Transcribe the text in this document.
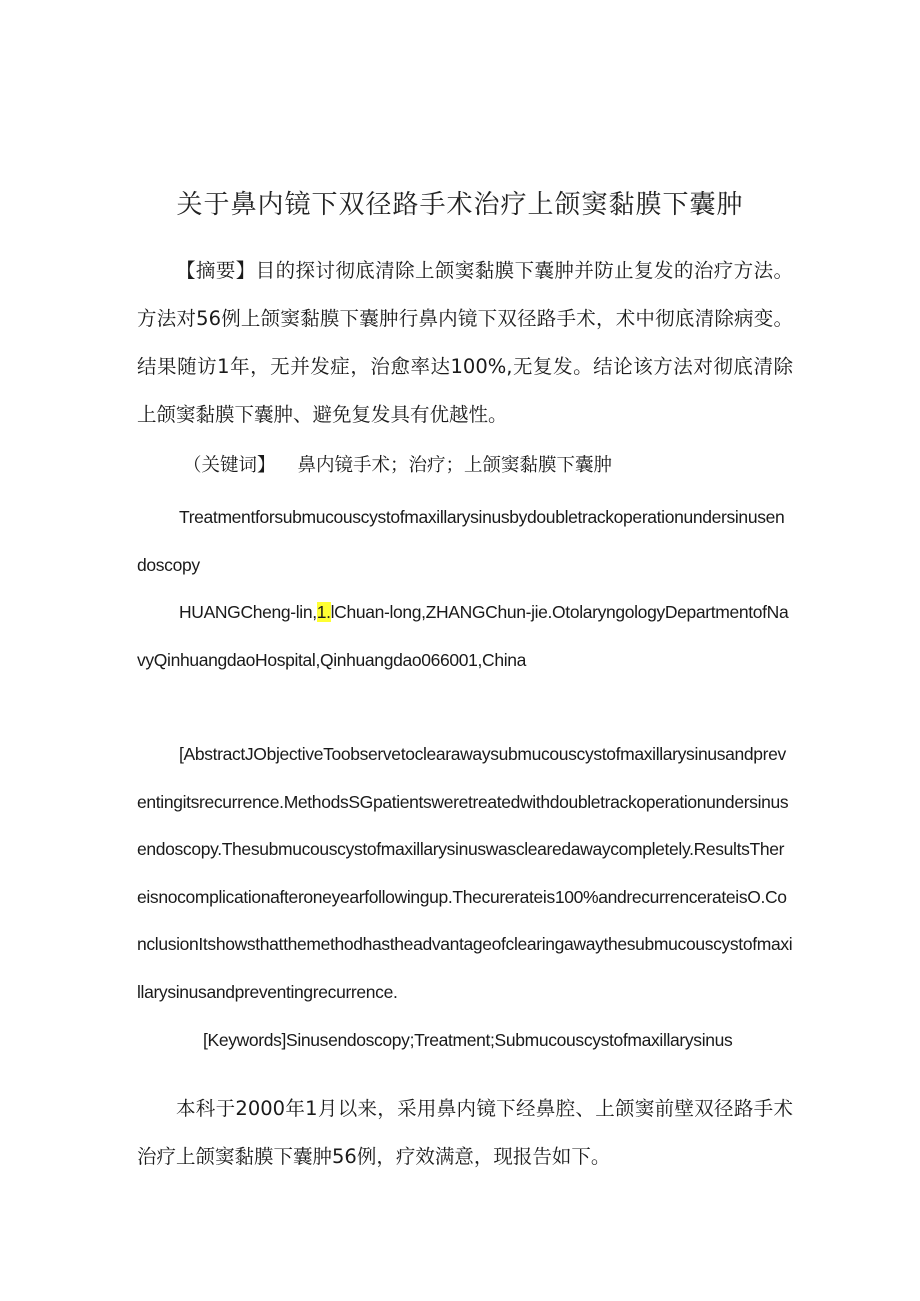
关于鼻内镜下双径路手术治疗上颌窦黏膜下囊肿

【摘要】目的探讨彻底清除上颌窦黏膜下囊肿并防止复发的治疗方法。方法对56例上颌窦黏膜下囊肿行鼻内镜下双径路手术，术中彻底清除病变。结果随访1年，无并发症，治愈率达100%,无复发。结论该方法对彻底清除上颌窦黏膜下囊肿、避免复发具有优越性。

（关键词】 鼻内镜手术；治疗；上颌窦黏膜下囊肿

Treatmentforsubmucouscystofmaxillarysinusbydoubletrackoperationundersinusendoscopy

HUANGCheng-lin,1.lChuan-long,ZHANGChun-jie.OtolaryngologyDepartmentofNavyQinhuangdaoHospital,Qinhuangdao066001,China

[AbstractJObjectiveToobservetoclearawaysubmucouscystofmaxillarysinusandpreventingitsrecurrence.MethodsSGpatientsweretreatedwithdoubletrackoperationundersinusendoscopy.Thesubmucouscystofmaxillarysinuswasclearedawaycompletely.ResultsThereisnocomplicationafteroneyearfollowingup.Thecurerateis100%andrecurrencerateisO.ConclusionItshowsthatthemethodhastheadvantageofclearingawaythesubmucouscystofmaxillarysinusandpreventingrecurrence.

[Keywords]Sinusendoscopy;Treatment;Submucouscystofmaxillarysinus

本科于2000年1月以来，采用鼻内镜下经鼻腔、上颌窦前壁双径路手术治疗上颌窦黏膜下囊肿56例，疗效满意，现报告如下。
